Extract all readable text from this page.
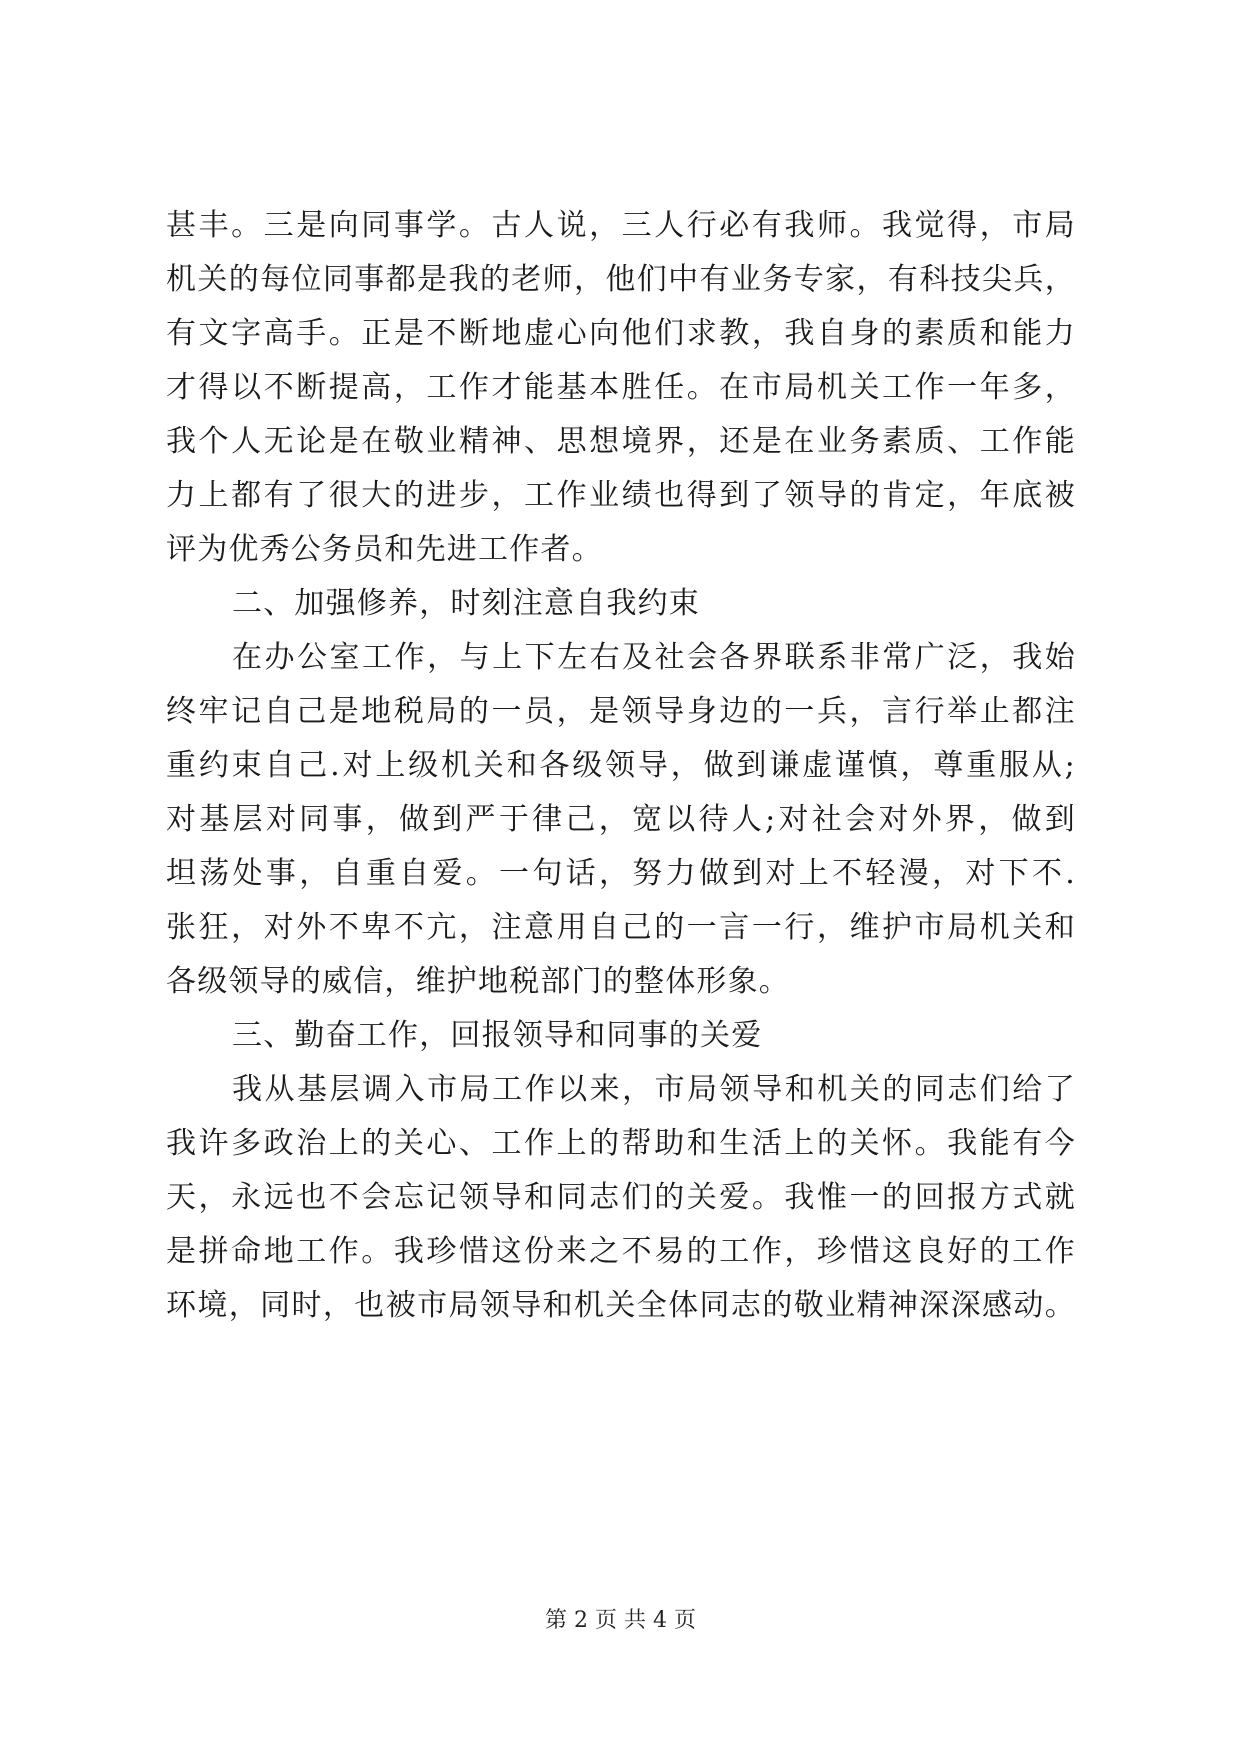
甚丰。三是向同事学。古人说，三人行必有我师。我觉得，市局
机关的每位同事都是我的老师，他们中有业务专家，有科技尖兵，
有文字高手。正是不断地虚心向他们求教，我自身的素质和能力
才得以不断提高，工作才能基本胜任。在市局机关工作一年多，
我个人无论是在敬业精神、思想境界，还是在业务素质、工作能
力上都有了很大的进步，工作业绩也得到了领导的肯定，年底被
评为优秀公务员和先进工作者。
二、加强修养，时刻注意自我约束
在办公室工作，与上下左右及社会各界联系非常广泛，我始
终牢记自己是地税局的一员，是领导身边的一兵，言行举止都注
重约束自己.对上级机关和各级领导，做到谦虚谨慎，尊重服从;
对基层对同事，做到严于律己，宽以待人;对社会对外界，做到
坦荡处事，自重自爱。一句话，努力做到对上不轻漫，对下不.
张狂，对外不卑不亢，注意用自己的一言一行，维护市局机关和
各级领导的威信，维护地税部门的整体形象。
三、勤奋工作，回报领导和同事的关爱
我从基层调入市局工作以来，市局领导和机关的同志们给了
我许多政治上的关心、工作上的帮助和生活上的关怀。我能有今
天，永远也不会忘记领导和同志们的关爱。我惟一的回报方式就
是拼命地工作。我珍惜这份来之不易的工作，珍惜这良好的工作
环境，同时，也被市局领导和机关全体同志的敬业精神深深感动。
第 2 页 共 4 页
